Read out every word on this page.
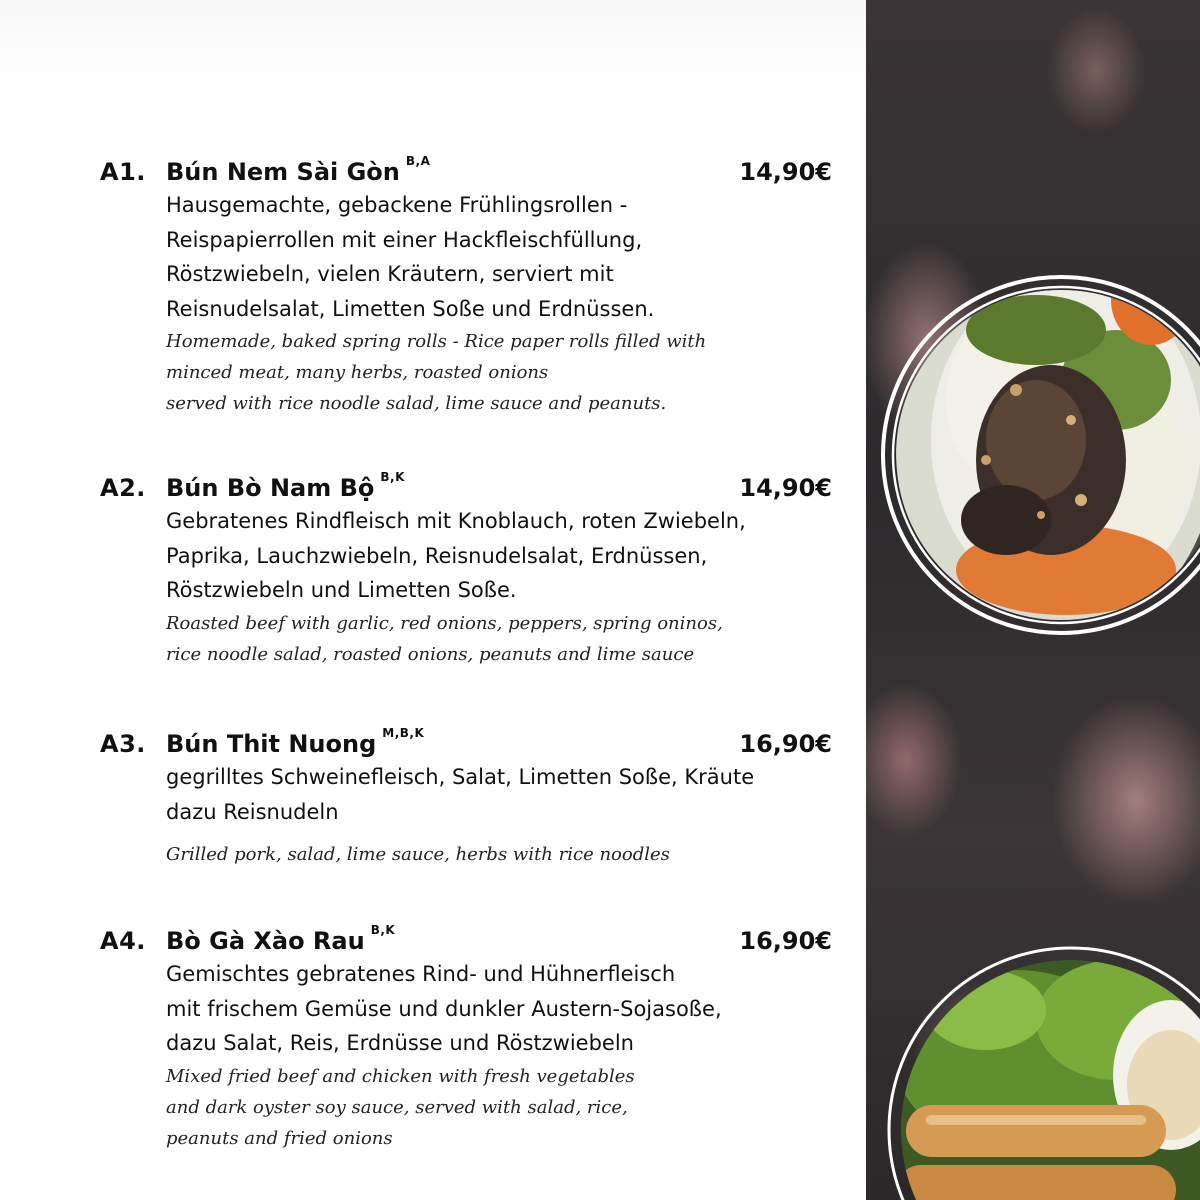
A1. Bún Nem Sài Gòn $^{B,A}$	14,90€
Hausgemachte, gebackene Frühlingsrollen -
Reispapierrollen mit einer Hackfleischfüllung,
Röstzwiebeln, vielen Kräutern, serviert mit
Reisnudelsalat, Limetten Soße und Erdnüssen.
Homemade, baked spring rolls - Rice paper rolls filled with
minced meat, many herbs, roasted onions
served with rice noodle salad, lime sauce and peanuts.
A2. Bún Bò Nam Bộ $^{B,K}$	14,90€
Gebratenes Rindfleisch mit Knoblauch, roten Zwiebeln,
Paprika, Lauchzwiebeln, Reisnudelsalat, Erdnüssen,
Röstzwiebeln und Limetten Soße.
Roasted beef with garlic, red onions, peppers, spring oninos,
rice noodle salad, roasted onions, peanuts and lime sauce
A3. Bún Thit Nuong $^{M,B,K}$	16,90€
gegrilltes Schweinefleisch, Salat, Limetten Soße, Kräute
dazu Reisnudeln
Grilled pork, salad, lime sauce, herbs with rice noodles
A4. Bò Gà Xào Rau $^{B,K}$	16,90€
Gemischtes gebratenes Rind- und Hühnerfleisch
mit frischem Gemüse und dunkler Austern-Sojasoße,
dazu Salat, Reis, Erdnüsse und Röstzwiebeln
Mixed fried beef and chicken with fresh vegetables
and dark oyster soy sauce, served with salad, rice,
peanuts and fried onions
